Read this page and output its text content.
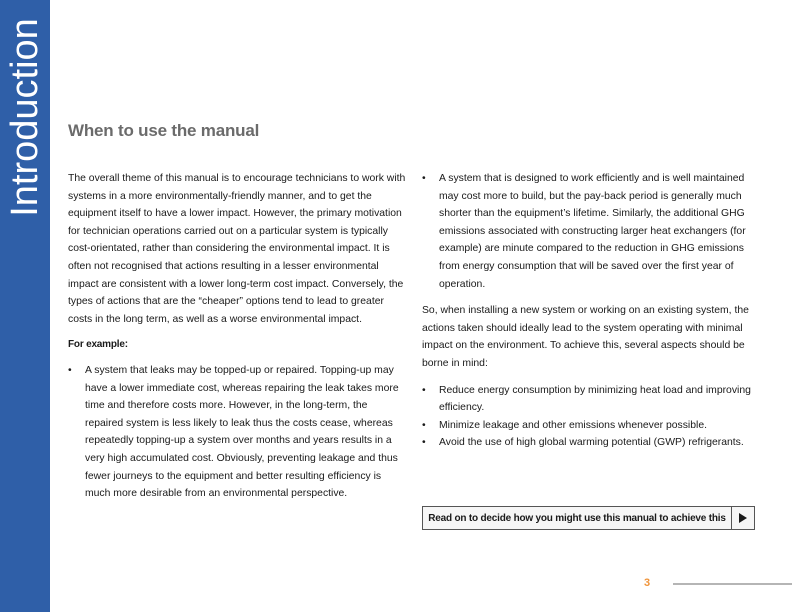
Introduction When to use the manual

The overall theme of this manual is to encourage technicians to work with systems in a more environmentally-friendly manner, and to get the equipment itself to have a lower impact. However, the primary motivation for technician operations carried out on a particular system is typically cost-orientated, rather than considering the environmental impact. It is often not recognised that actions resulting in a lesser environmental impact are consistent with a lower long-term cost impact. Conversely, the types of actions that are the “cheaper” options tend to lead to greater costs in the long term, as well as a worse environmental impact.

For example:

• A system that leaks may be topped-up or repaired. Topping-up may have a lower immediate cost, whereas repairing the leak takes more time and therefore costs more. However, in the long-term, the repaired system is less likely to leak thus the costs cease, whereas repeatedly topping-up a system over months and years results in a very high accumulated cost. Obviously, preventing leakage and thus fewer journeys to the equipment and better resulting efficiency is much more desirable from an environmental perspective.
• A system that is designed to work efficiently and is well maintained may cost more to build, but the pay-back period is generally much shorter than the equipment’s lifetime. Similarly, the additional GHG emissions associated with constructing larger heat exchangers (for example) are minute compared to the reduction in GHG emissions from energy consumption that will be saved over the first year of operation.

So, when installing a new system or working on an existing system, the actions taken should ideally lead to the system operating with minimal impact on the environment. To achieve this, several aspects should be borne in mind:

• Reduce energy consumption by minimizing heat load and improving efficiency.
• Minimize leakage and other emissions whenever possible.
• Avoid the use of high global warming potential (GWP) refrigerants.
Read on to decide how you might use this manual to achieve this
3
